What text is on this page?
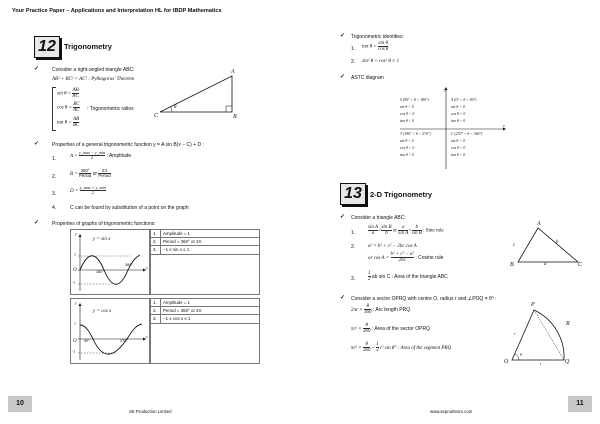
Your Practice Paper – Applications and Interpretation HL for IBDP Mathematics
12	Trigonometry
✓	Consider a right-angled triangle ABC:
AB² + BC² = AC² : Pythagoras' Theorem
$\sin \theta = \frac{AB}{AC}$
$\cos \theta = \frac{BC}{AC}$ : Trigonometric ratios
$\tan \theta = \frac{AB}{BC}$
A
B
C
θ
✓	Properties of a general trigonometric function y = A sin B(x − C) + D :
1.	A =
y_max − y_min
2	: Amplitude
2.	B =
360°
Period or
2π
Period
3.	D =
y_max + y_min
2
4.	C can be found by substitution of a point on the graph
✓	Properties of graphs of trigonometric functions:
y
y = sin x
1
O	180°
360°
x
−1
1.	Amplitude = 1
2.	Period = 360° or 2π
3.	−1 ≤ sin x ≤ 1
y
y = cos x
1
O 90°	270°
x
−1
1.	Amplitude = 1
2.	Period = 360° or 2π
3.	−1 ≤ cos x ≤ 1
10
SE Production Limited
✓ Trigonometric identities:
1. $\tan \theta = \frac{\text{sin θ}}{\text{cos θ}}$
2. sin² θ + cos² θ ≡ 1
✓ ASTC diagram
y
x
S (90° < θ < 180°)
sin θ > 0
cos θ < 0
tan θ < 0
A (0° < θ < 90°)
sin θ > 0
cos θ > 0
tan θ > 0
T (180° < θ < 270°)
sin θ < 0
cos θ < 0
tan θ > 0
C (270° < θ < 360°)
sin θ < 0
cos θ > 0
tan θ < 0
13	2-D Trigonometry
✓ Consider a triangle ABC:
1.	$\frac{\text{sin A}}{a} = \frac{\text{sin B}}{b}$ or $\frac{a}{\text{sin A}} = \frac{b}{\text{sin B}}$ : Sine rule
2.	a² = b² + c² − 2bc cos A
or $\cos A = \frac{\text{b² + c² − a²}}{2bc}$ : Cosine rule
3.	$\frac{1}{2}$ ab sin C : Area of the triangle ABC
A
B	C
a
b
c
✓ Consider a sector OPRQ with centre O, radius r and ∠POQ = θ° :
$2\pi r \times \frac{\theta}{360}$ : Arc length PRQ
$\pi r^2 \times \frac{\theta}{360}$ : Area of the sector OPRQ
$\pi r^2 \times \frac{\theta}{360} - \frac{1}{2} r^2$ sin θ° : Area of the segment PRQ
P
R
O	Q
r
θ
r
11
www.seprodstore.com
